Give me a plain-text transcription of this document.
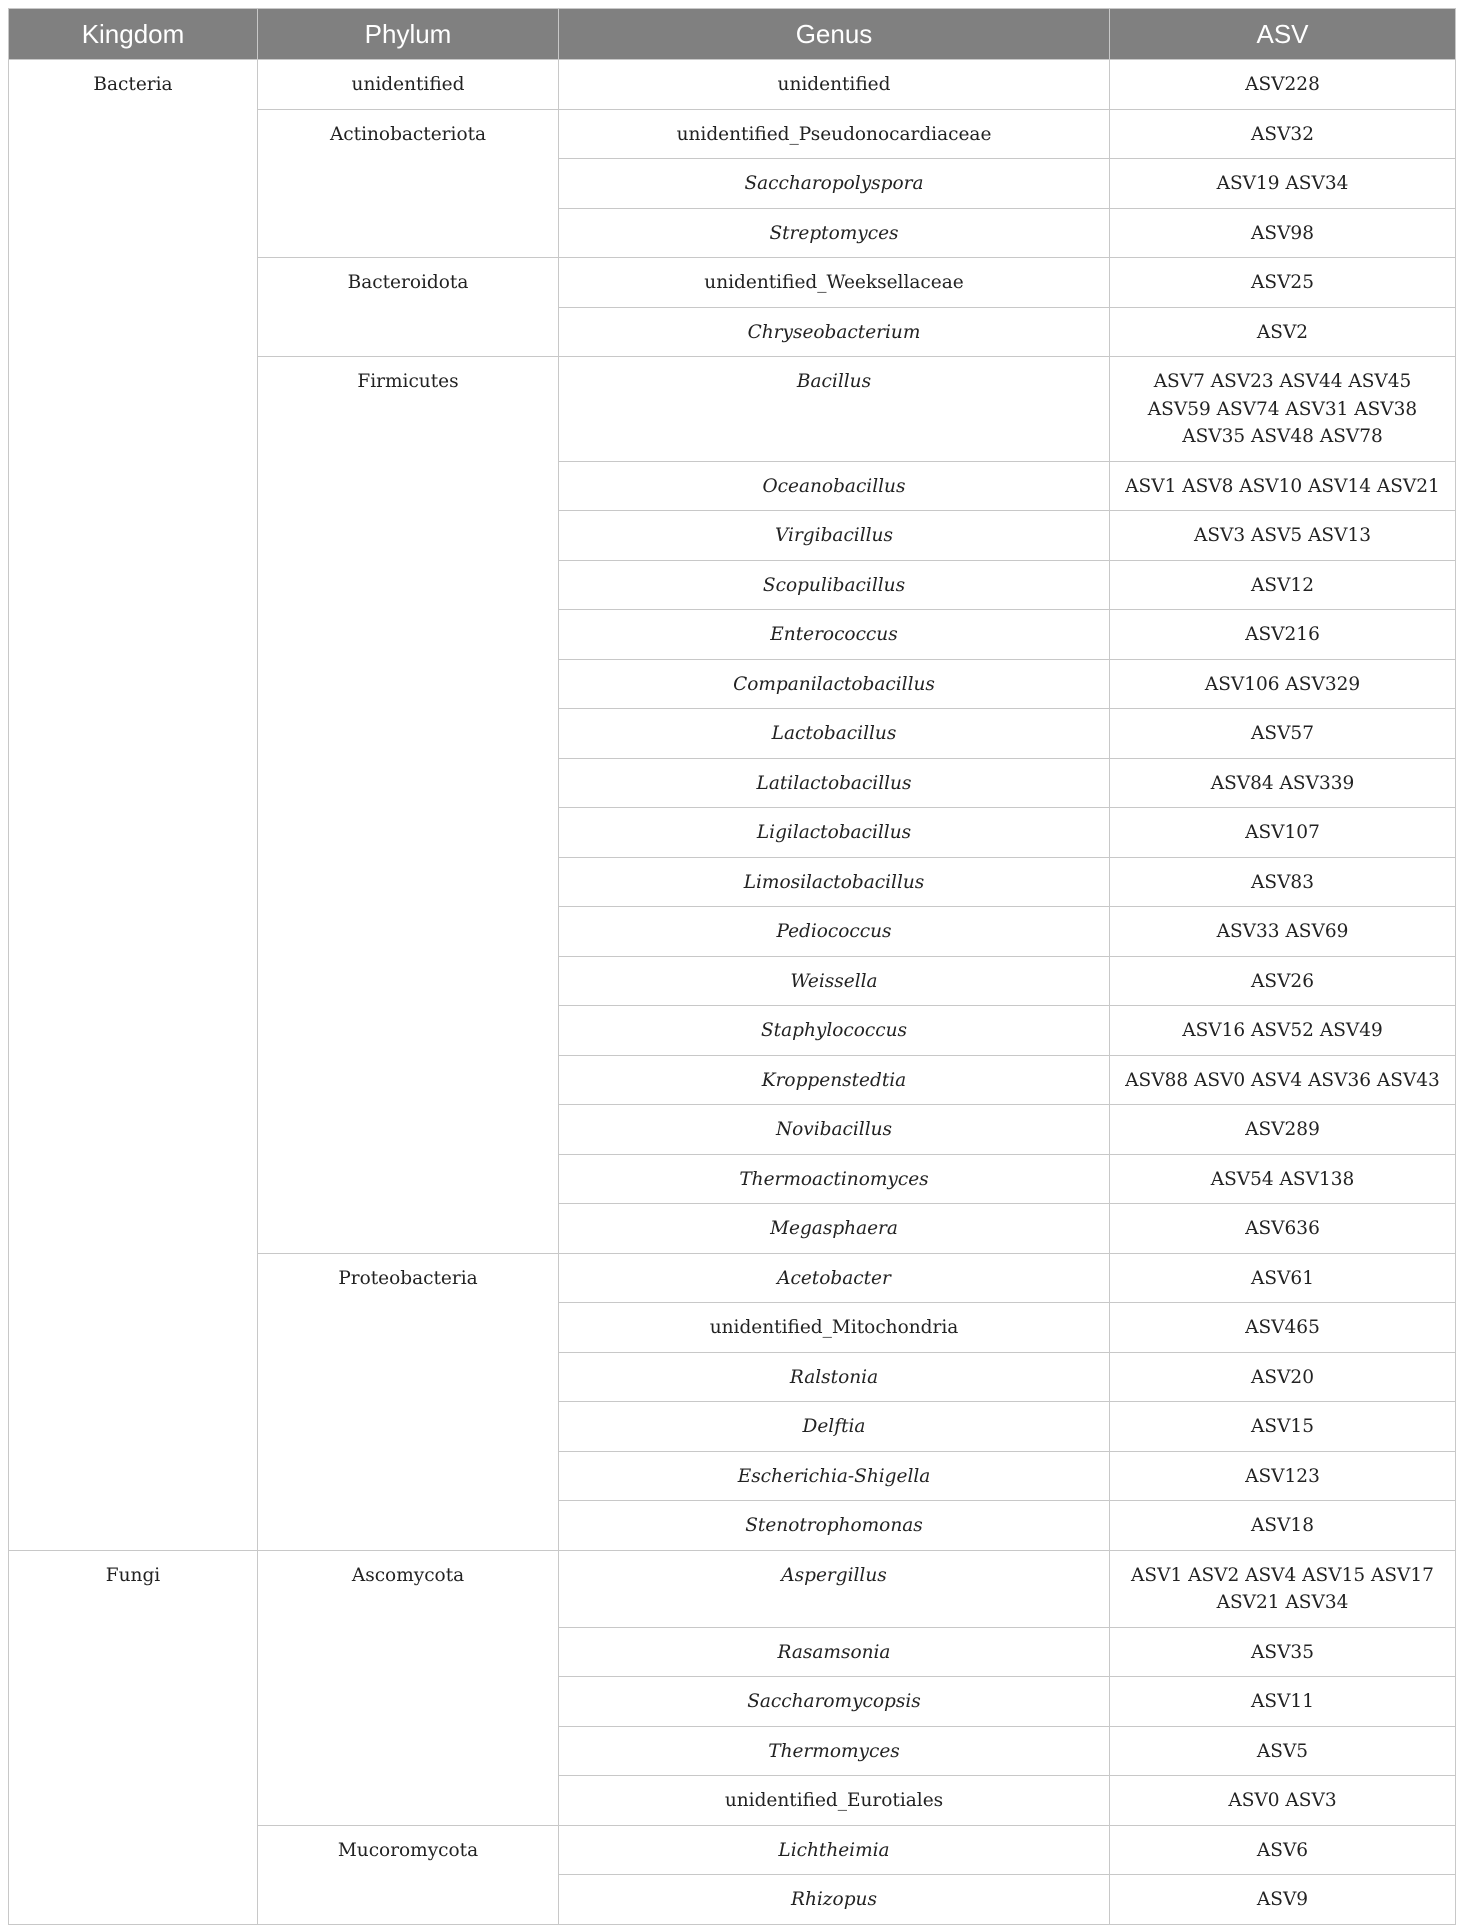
Kingdom	Phylum	Genus	ASV
Bacteria	unidentified	unidentified	ASV228
	Actinobacteriota	unidentified_Pseudonocardiaceae	ASV32
		Saccharopolyspora	ASV19 ASV34
		Streptomyces	ASV98
	Bacteroidota	unidentified_Weeksellaceae	ASV25
		Chryseobacterium	ASV2
	Firmicutes	Bacillus	ASV7 ASV23 ASV44 ASV45 ASV59 ASV74 ASV31 ASV38 ASV35 ASV48 ASV78
		Oceanobacillus	ASV1 ASV8 ASV10 ASV14 ASV21
		Virgibacillus	ASV3 ASV5 ASV13
		Scopulibacillus	ASV12
		Enterococcus	ASV216
		Companilactobacillus	ASV106 ASV329
		Lactobacillus	ASV57
		Latilactobacillus	ASV84 ASV339
		Ligilactobacillus	ASV107
		Limosilactobacillus	ASV83
		Pediococcus	ASV33 ASV69
		Weissella	ASV26
		Staphylococcus	ASV16 ASV52 ASV49
		Kroppenstedtia	ASV88 ASV0 ASV4 ASV36 ASV43
		Novibacillus	ASV289
		Thermoactinomyces	ASV54 ASV138
		Megasphaera	ASV636
	Proteobacteria	Acetobacter	ASV61
		unidentified_Mitochondria	ASV465
		Ralstonia	ASV20
		Delftia	ASV15
		Escherichia-Shigella	ASV123
		Stenotrophomonas	ASV18
Fungi	Ascomycota	Aspergillus	ASV1 ASV2 ASV4 ASV15 ASV17 ASV21 ASV34
		Rasamsonia	ASV35
		Saccharomycopsis	ASV11
		Thermomyces	ASV5
		unidentified_Eurotiales	ASV0 ASV3
	Mucoromycota	Lichtheimia	ASV6
		Rhizopus	ASV9
